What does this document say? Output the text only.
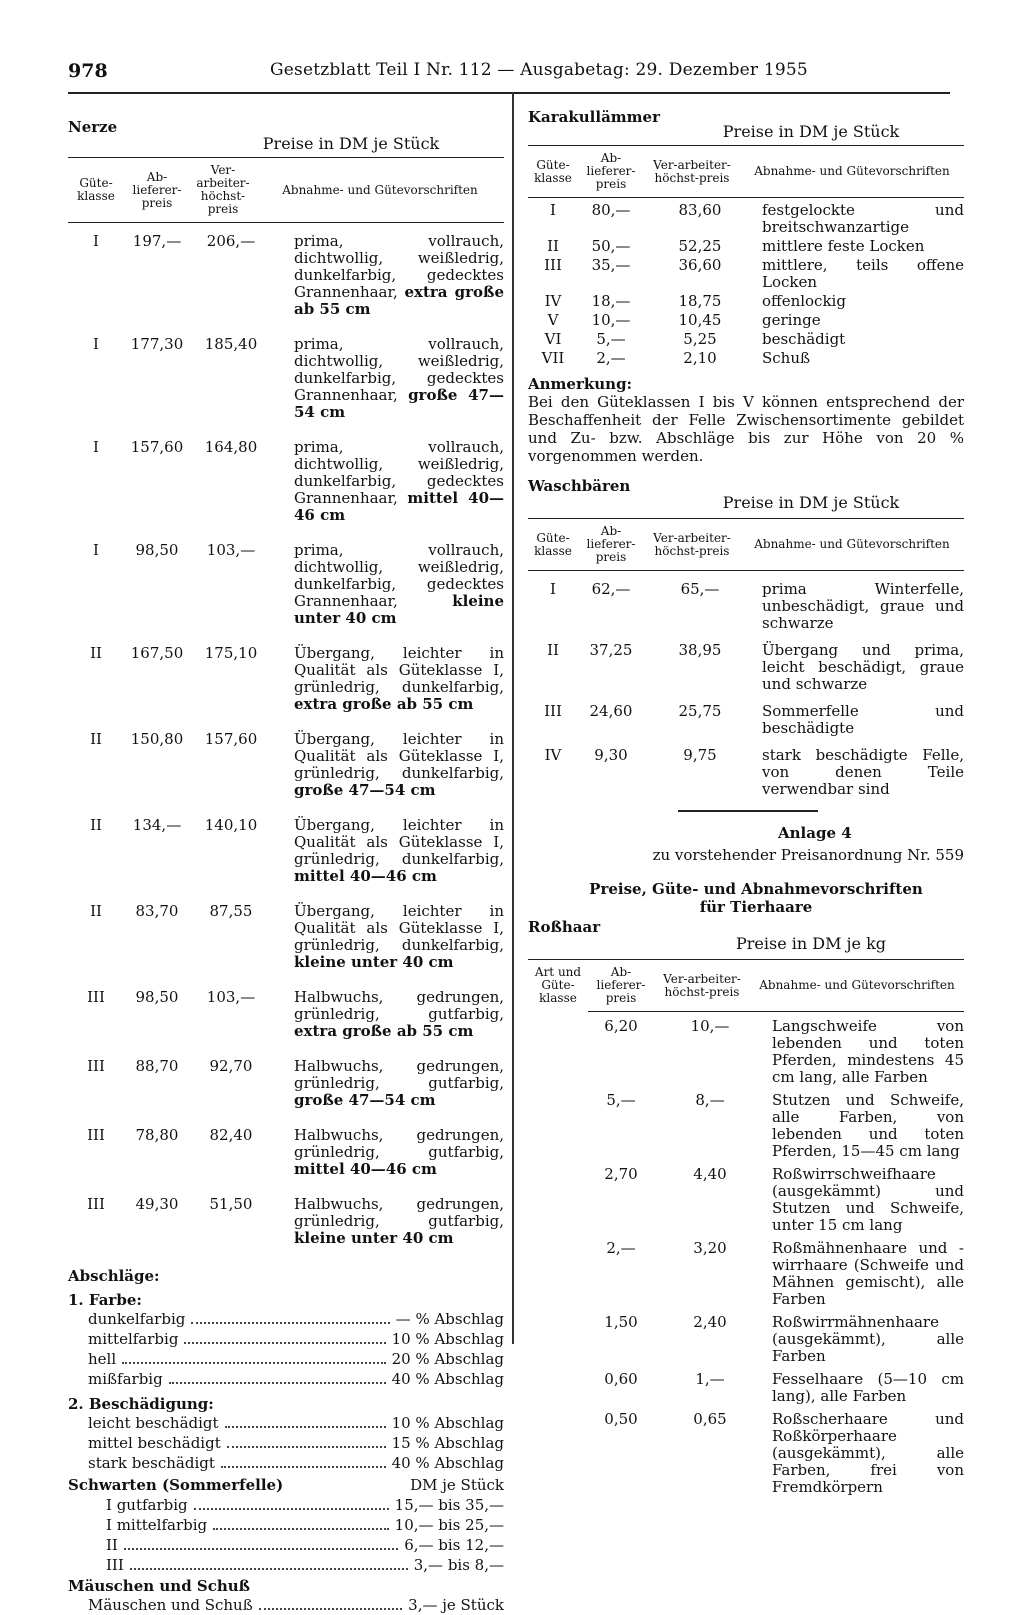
978	Gesetzblatt Teil I Nr. 112 — Ausgabetag: 29. Dezember 1955
Nerze
Preise in DM je Stück
Güte-klasse
Ab-lieferer-preis
Ver-arbeiter-höchst-preis
Abnahme- und Gütevorschriften
I	197,—	206,—	prima, vollrauch, dichtwollig, weißledrig, dunkelfarbig, gedecktes Grannenhaar, extra große ab 55 cm
I	177,30	185,40	prima, vollrauch, dichtwollig, weißledrig, dunkelfarbig, gedecktes Grannenhaar, große 47—54 cm
I	157,60	164,80	prima, vollrauch, dichtwollig, weißledrig, dunkelfarbig, gedecktes Grannenhaar, mittel 40—46 cm
I	98,50	103,—	prima, vollrauch, dichtwollig, weißledrig, dunkelfarbig, gedecktes Grannenhaar,	kleine unter 40 cm
II	167,50	175,10	Übergang, leichter in Qualität als Güteklasse I, grünledrig, dunkelfarbig, extra große ab 55 cm
II	150,80	157,60	Übergang, leichter in Qualität als Güteklasse I, grünledrig, dunkelfarbig, große 47—54 cm
II	134,—	140,10	Übergang, leichter in Qualität als Güteklasse I, grünledrig, dunkelfarbig, mittel 40—46 cm
II	83,70	87,55	Übergang, leichter in Qualität als Güteklasse I, grünledrig, dunkelfarbig, kleine unter 40 cm
III	98,50	103,—	Halbwuchs, gedrungen, grünledrig, gutfarbig, extra große ab 55 cm
III	88,70	92,70	Halbwuchs, gedrungen, grünledrig, gutfarbig, große 47—54 cm
III	78,80	82,40	Halbwuchs, gedrungen, grünledrig, gutfarbig, mittel 40—46 cm
III	49,30	51,50	Halbwuchs, gedrungen, grünledrig, gutfarbig, kleine unter 40 cm
Abschläge:
1. Farbe:
dunkelfarbig	— % Abschlag
mittelfarbig	10 % Abschlag
hell	20 % Abschlag
mißfarbig	40 % Abschlag
2. Beschädigung:
leicht beschädigt	10 % Abschlag
mittel beschädigt	15 % Abschlag
stark beschädigt	40 % Abschlag
Schwarten (Sommerfelle)	DM je Stück
I gutfarbig	15,— bis 35,—
I mittelfarbig	10,— bis 25,—
II	6,— bis 12,—
III	3,— bis 8,—
Mäuschen und Schuß
Mäuschen und Schuß	3,— je Stück
Karakullämmer
Preise in DM je Stück
Güte-klasse
Ab-lieferer-preis
Ver-arbeiter-höchst-preis	Abnahme- und Gütevorschriften
I	80,—	83,60	festgelockte und breitschwanzartige
II	50,—	52,25	mittlere feste Locken
III	35,—	36,60	mittlere, teils offene Locken
IV	18,—	18,75	offenlockig
V	10,—	10,45	geringe
VI	5,—	5,25	beschädigt
VII	2,—	2,10	Schuß
Anmerkung:
Bei den Güteklassen I bis V können entsprechend der Beschaffenheit der Felle Zwischensortimente gebildet und Zu- bzw. Abschläge bis zur Höhe von 20 % vorgenommen werden.
Waschbären
Preise in DM je Stück
Güte-klasse
Ab-lieferer-preis
Ver-arbeiter-höchst-preis	Abnahme- und Gütevorschriften
I	62,—	65,—	prima Winterfelle, unbeschädigt, graue und schwarze
II	37,25	38,95	Übergang und prima, leicht beschädigt, graue und schwarze
III	24,60	25,75	Sommerfelle und beschädigte
IV	9,30	9,75	stark beschädigte Felle, von denen Teile verwendbar sind
Anlage 4
zu vorstehender Preisanordnung Nr. 559
Preise, Güte- und Abnahmevorschriften für Tierhaare
Roßhaar
Preise in DM je kg
Art und Güte-klasse
Ab-lieferer-preis
Ver-arbeiter-höchst-preis	Abnahme- und Gütevorschriften
6,20	10,—	Langschweife von lebenden und toten Pferden, mindestens 45 cm lang, alle Farben
5,—	8,—	Stutzen und Schweife, alle Farben, von lebenden und toten Pferden, 15—45 cm lang
2,70	4,40	Roßwirrschweifhaare (ausgekämmt) und Stutzen und Schweife, unter 15 cm lang
2,—	3,20	Roßmähnenhaare und -wirrhaare (Schweife und Mähnen gemischt), alle Farben
1,50	2,40	Roßwirrmähnenhaare (ausgekämmt), alle Farben
0,60	1,—	Fesselhaare (5—10 cm lang), alle Farben
0,50	0,65	Roßscherhaare und Roßkörperhaare (ausgekämmt), alle Farben, frei von Fremdkörpern
